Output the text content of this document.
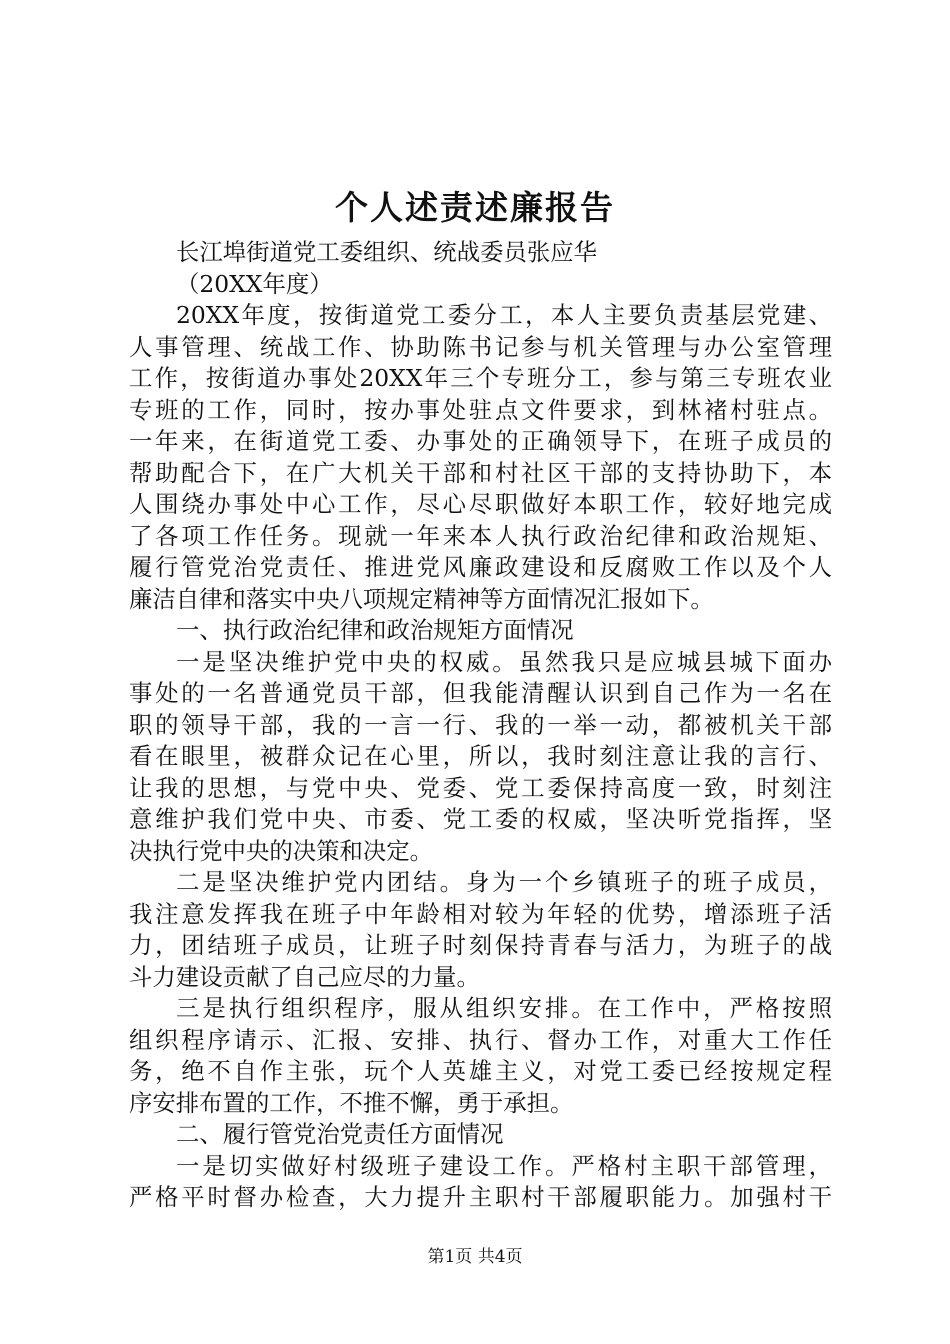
个人述责述廉报告
长江埠街道党工委组织、统战委员张应华
（20XX年度）
20XX年度，按街道党工委分工，本人主要负责基层党建、
人事管理、统战工作、协助陈书记参与机关管理与办公室管理
工作，按街道办事处20XX年三个专班分工，参与第三专班农业
专班的工作，同时，按办事处驻点文件要求，到林褚村驻点。
一年来，在街道党工委、办事处的正确领导下，在班子成员的
帮助配合下，在广大机关干部和村社区干部的支持协助下，本
人围绕办事处中心工作，尽心尽职做好本职工作，较好地完成
了各项工作任务。现就一年来本人执行政治纪律和政治规矩、
履行管党治党责任、推进党风廉政建设和反腐败工作以及个人
廉洁自律和落实中央八项规定精神等方面情况汇报如下。
一、执行政治纪律和政治规矩方面情况
一是坚决维护党中央的权威。虽然我只是应城县城下面办
事处的一名普通党员干部，但我能清醒认识到自己作为一名在
职的领导干部，我的一言一行、我的一举一动，都被机关干部
看在眼里，被群众记在心里，所以，我时刻注意让我的言行、
让我的思想，与党中央、党委、党工委保持高度一致，时刻注
意维护我们党中央、市委、党工委的权威，坚决听党指挥，坚
决执行党中央的决策和决定。
二是坚决维护党内团结。身为一个乡镇班子的班子成员，
我注意发挥我在班子中年龄相对较为年轻的优势，增添班子活
力，团结班子成员，让班子时刻保持青春与活力，为班子的战
斗力建设贡献了自己应尽的力量。
三是执行组织程序，服从组织安排。在工作中，严格按照
组织程序请示、汇报、安排、执行、督办工作，对重大工作任
务，绝不自作主张，玩个人英雄主义，对党工委已经按规定程
序安排布置的工作，不推不懈，勇于承担。
二、履行管党治党责任方面情况
一是切实做好村级班子建设工作。严格村主职干部管理，
严格平时督办检查，大力提升主职村干部履职能力。加强村干
第1页 共4页
